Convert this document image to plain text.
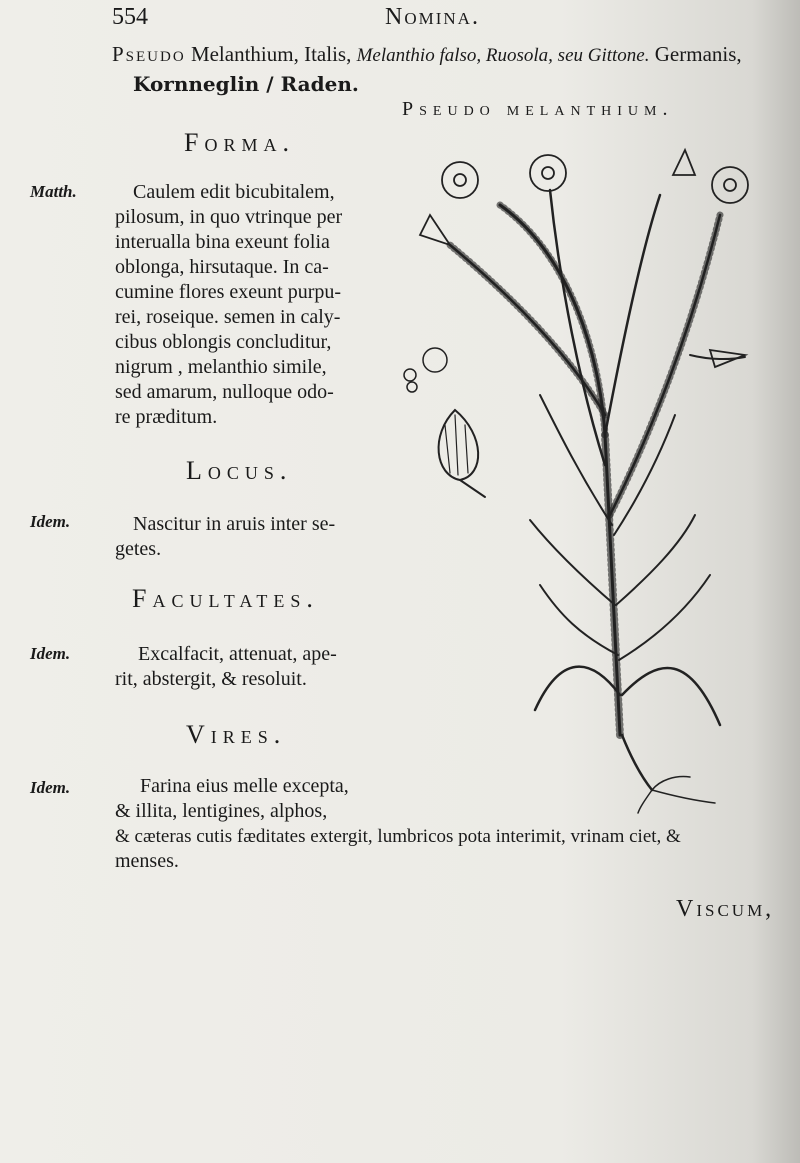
554	Nomina.
Pseudo Melanthium, Italis, Melanthio falso, Ruosola, seu Gittone. Germanis,
Kornneglin / Raden.
Pseudo melanthium.
Forma.
Matth.	Caulem edit bicubitalem,
pilosum, in quo vtrinque per
interualla bina exeunt folia
oblonga, hirsutaque. In ca-
cumine flores exeunt purpu-
rei, roseique. semen in caly-
cibus oblongis concluditur,
nigrum , melanthio simile,
sed amarum, nulloque odo-
re præditum.
Locus.
Idem.	Nascitur in aruis inter se-
getes.
Facultates.
Idem.	Excalfacit, attenuat, ape-
rit, abstergit, & resoluit.
Vires.
Idem.	Farina eius melle excepta,
& illita, lentigines, alphos,
& cæteras cutis fæditates extergit, lumbricos pota interimit, vrinam ciet, &
menses.
Viscum,
